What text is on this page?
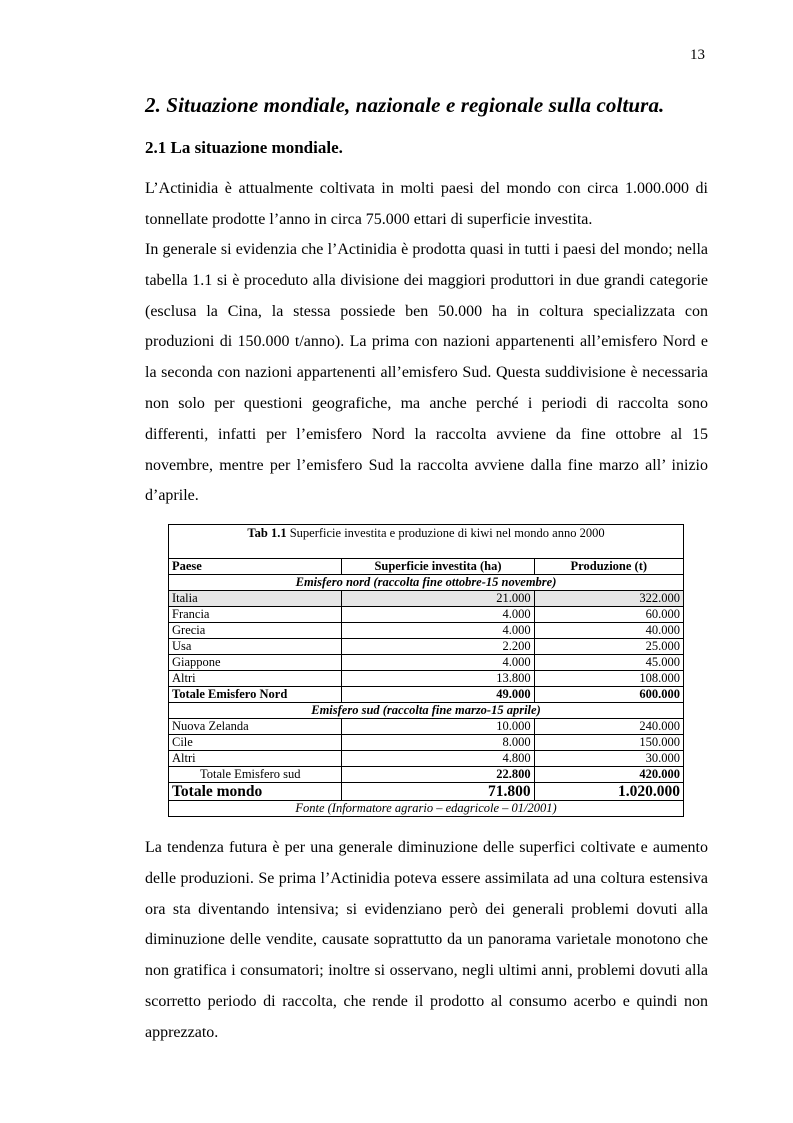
13
2. Situazione mondiale, nazionale e regionale sulla coltura.
2.1 La situazione mondiale.

L’Actinidia è attualmente coltivata in molti paesi del mondo con circa 1.000.000 di tonnellate prodotte l’anno in circa 75.000 ettari di superficie investita.

In generale si evidenzia che l’Actinidia è prodotta quasi in tutti i paesi del mondo; nella tabella 1.1 si è proceduto alla divisione dei maggiori produttori in due grandi categorie (esclusa la Cina, la stessa possiede ben 50.000 ha in coltura specializzata con produzioni di 150.000 t/anno). La prima con nazioni appartenenti all’emisfero Nord e la seconda con nazioni appartenenti all’emisfero Sud. Questa suddivisione è necessaria non solo per questioni geografiche, ma anche perché i periodi di raccolta sono differenti, infatti per l’emisfero Nord la raccolta avviene da fine ottobre al 15 novembre, mentre per l’emisfero Sud la raccolta avviene dalla fine marzo all’ inizio d’aprile.

Tab 1.1 Superficie investita e produzione di kiwi nel mondo anno 2000		
Paese	Superficie investita (ha)	Produzione (t)
Emisfero nord (raccolta fine ottobre-15 novembre)		
Italia	21.000	322.000
Francia	4.000	60.000
Grecia	4.000	40.000
Usa	2.200	25.000
Giappone	4.000	45.000
Altri	13.800	108.000
Totale Emisfero Nord	49.000	600.000
Emisfero sud (raccolta fine marzo-15 aprile)		
Nuova Zelanda	10.000	240.000
Cile	8.000	150.000
Altri	4.800	30.000
Totale Emisfero sud	22.800	420.000
Totale mondo	71.800	1.020.000
Fonte (Informatore agrario – edagricole – 01/2001)		

La tendenza futura è per una generale diminuzione delle superfici coltivate e aumento delle produzioni. Se prima l’Actinidia poteva essere assimilata ad una coltura estensiva ora sta diventando intensiva; si evidenziano però dei generali problemi dovuti alla diminuzione delle vendite, causate soprattutto da un panorama varietale monotono che non gratifica i consumatori; inoltre si osservano, negli ultimi anni, problemi dovuti alla scorretto periodo di raccolta, che rende il prodotto al consumo acerbo e quindi non apprezzato.
